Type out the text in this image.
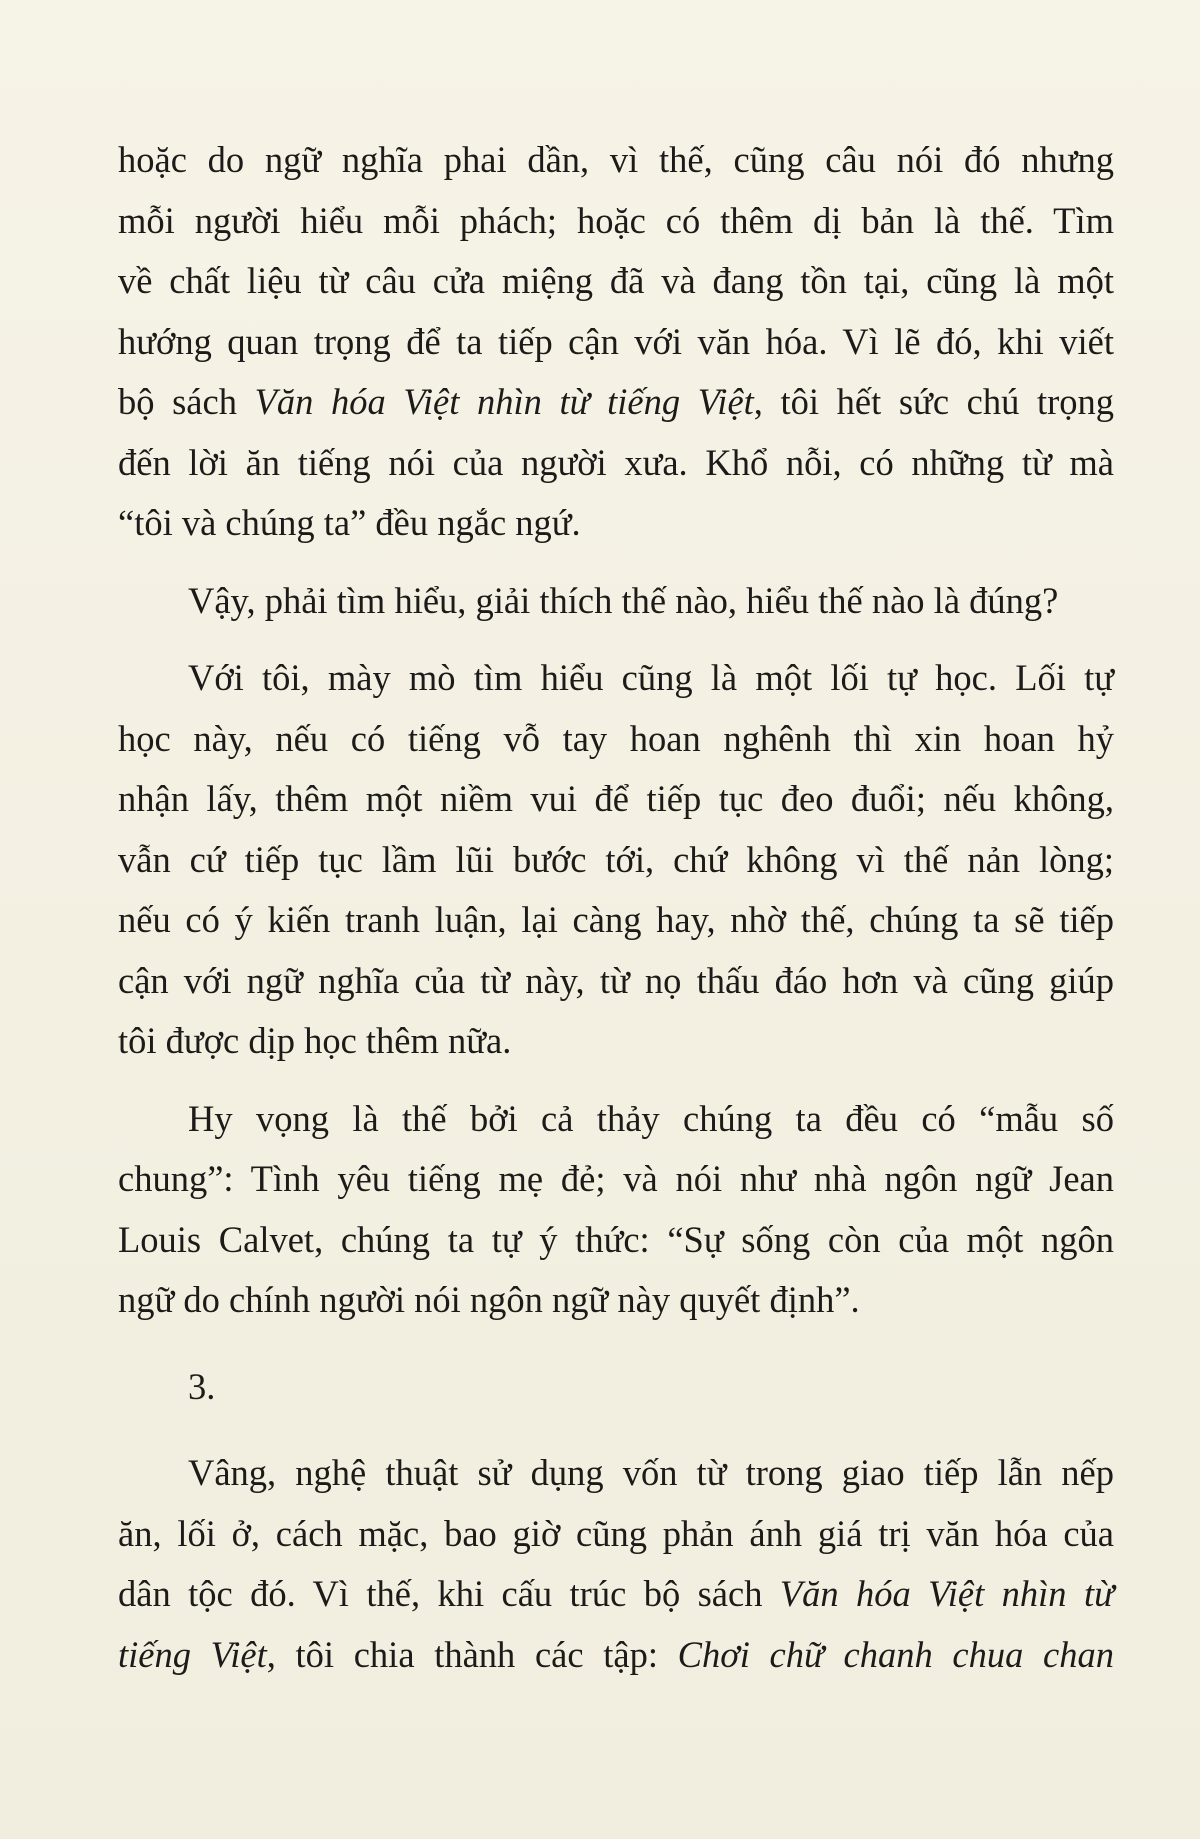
hoặc do ngữ nghĩa phai dần, vì thế, cũng câu nói đó nhưng
mỗi người hiểu mỗi phách; hoặc có thêm dị bản là thế. Tìm
về chất liệu từ câu cửa miệng đã và đang tồn tại, cũng là một
hướng quan trọng để ta tiếp cận với văn hóa. Vì lẽ đó, khi viết
bộ sách Văn hóa Việt nhìn từ tiếng Việt, tôi hết sức chú trọng
đến lời ăn tiếng nói của người xưa. Khổ nỗi, có những từ mà
“tôi và chúng ta” đều ngắc ngứ.
Vậy, phải tìm hiểu, giải thích thế nào, hiểu thế nào là đúng?
Với tôi, mày mò tìm hiểu cũng là một lối tự học. Lối tự
học này, nếu có tiếng vỗ tay hoan nghênh thì xin hoan hỷ
nhận lấy, thêm một niềm vui để tiếp tục đeo đuổi; nếu không,
vẫn cứ tiếp tục lầm lũi bước tới, chứ không vì thế nản lòng;
nếu có ý kiến tranh luận, lại càng hay, nhờ thế, chúng ta sẽ tiếp
cận với ngữ nghĩa của từ này, từ nọ thấu đáo hơn và cũng giúp
tôi được dịp học thêm nữa.
Hy vọng là thế bởi cả thảy chúng ta đều có “mẫu số
chung”: Tình yêu tiếng mẹ đẻ; và nói như nhà ngôn ngữ Jean
Louis Calvet, chúng ta tự ý thức: “Sự sống còn của một ngôn
ngữ do chính người nói ngôn ngữ này quyết định”.
3.
Vâng, nghệ thuật sử dụng vốn từ trong giao tiếp lẫn nếp
ăn, lối ở, cách mặc, bao giờ cũng phản ánh giá trị văn hóa của
dân tộc đó. Vì thế, khi cấu trúc bộ sách Văn hóa Việt nhìn từ
tiếng Việt, tôi chia thành các tập: Chơi chữ chanh chua chan
